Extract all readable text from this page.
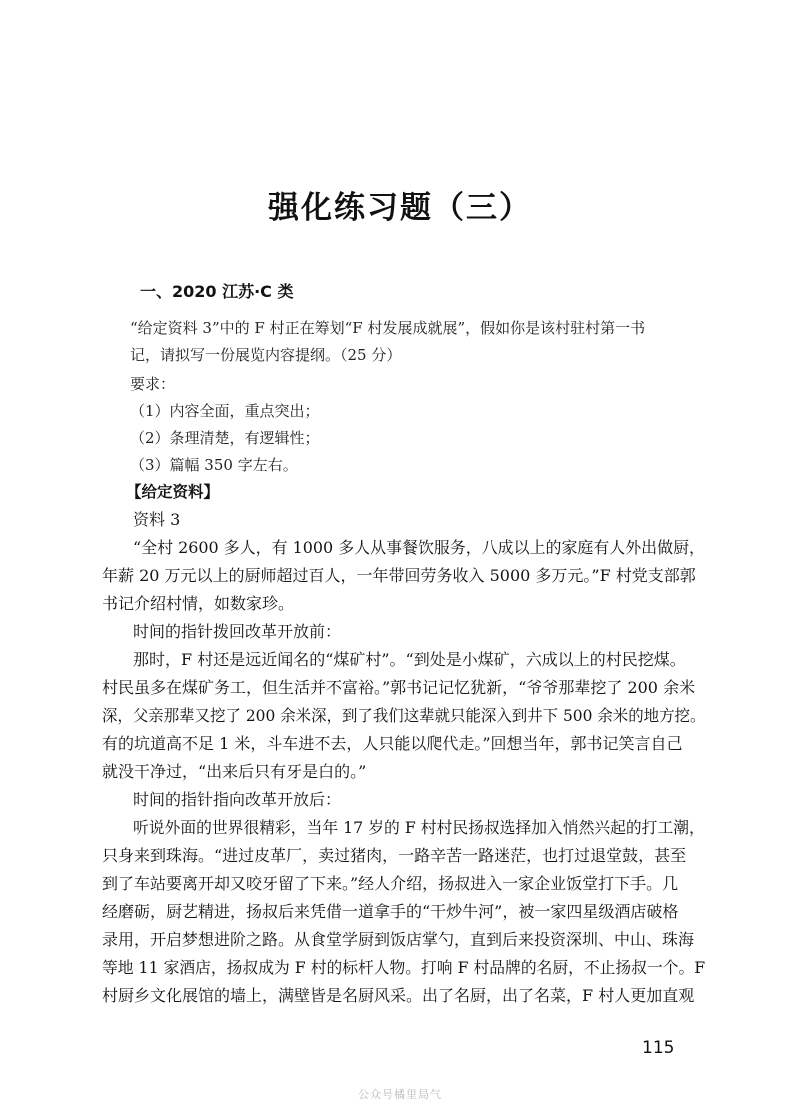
强化练习题（三）
一、2020 江苏·C 类
“给定资料 3”中的 F 村正在筹划“F 村发展成就展”，假如你是该村驻村第一书
记，请拟写一份展览内容提纲。（25 分）
要求：
（1）内容全面，重点突出；
（2）条理清楚，有逻辑性；
（3）篇幅 350 字左右。
【给定资料】
资料 3
“全村 2600 多人，有 1000 多人从事餐饮服务，八成以上的家庭有人外出做厨，
年薪 20 万元以上的厨师超过百人，一年带回劳务收入 5000 多万元。”F 村党支部郭
书记介绍村情，如数家珍。
时间的指针拨回改革开放前：
那时，F 村还是远近闻名的“煤矿村”。“到处是小煤矿，六成以上的村民挖煤。
村民虽多在煤矿务工，但生活并不富裕。”郭书记记忆犹新，“爷爷那辈挖了 200 余米
深，父亲那辈又挖了 200 余米深，到了我们这辈就只能深入到井下 500 余米的地方挖。
有的坑道高不足 1 米，斗车进不去，人只能以爬代走。”回想当年，郭书记笑言自己
就没干净过，“出来后只有牙是白的。”
时间的指针指向改革开放后：
听说外面的世界很精彩，当年 17 岁的 F 村村民扬叔选择加入悄然兴起的打工潮，
只身来到珠海。“进过皮革厂，卖过猪肉，一路辛苦一路迷茫，也打过退堂鼓，甚至
到了车站要离开却又咬牙留了下来。”经人介绍，扬叔进入一家企业饭堂打下手。几
经磨砺，厨艺精进，扬叔后来凭借一道拿手的“干炒牛河”，被一家四星级酒店破格
录用，开启梦想进阶之路。从食堂学厨到饭店掌勺，直到后来投资深圳、中山、珠海
等地 11 家酒店，扬叔成为 F 村的标杆人物。打响 F 村品牌的名厨，不止扬叔一个。F
村厨乡文化展馆的墙上，满壁皆是名厨风采。出了名厨，出了名菜，F 村人更加直观
115
公众号橘里局气
